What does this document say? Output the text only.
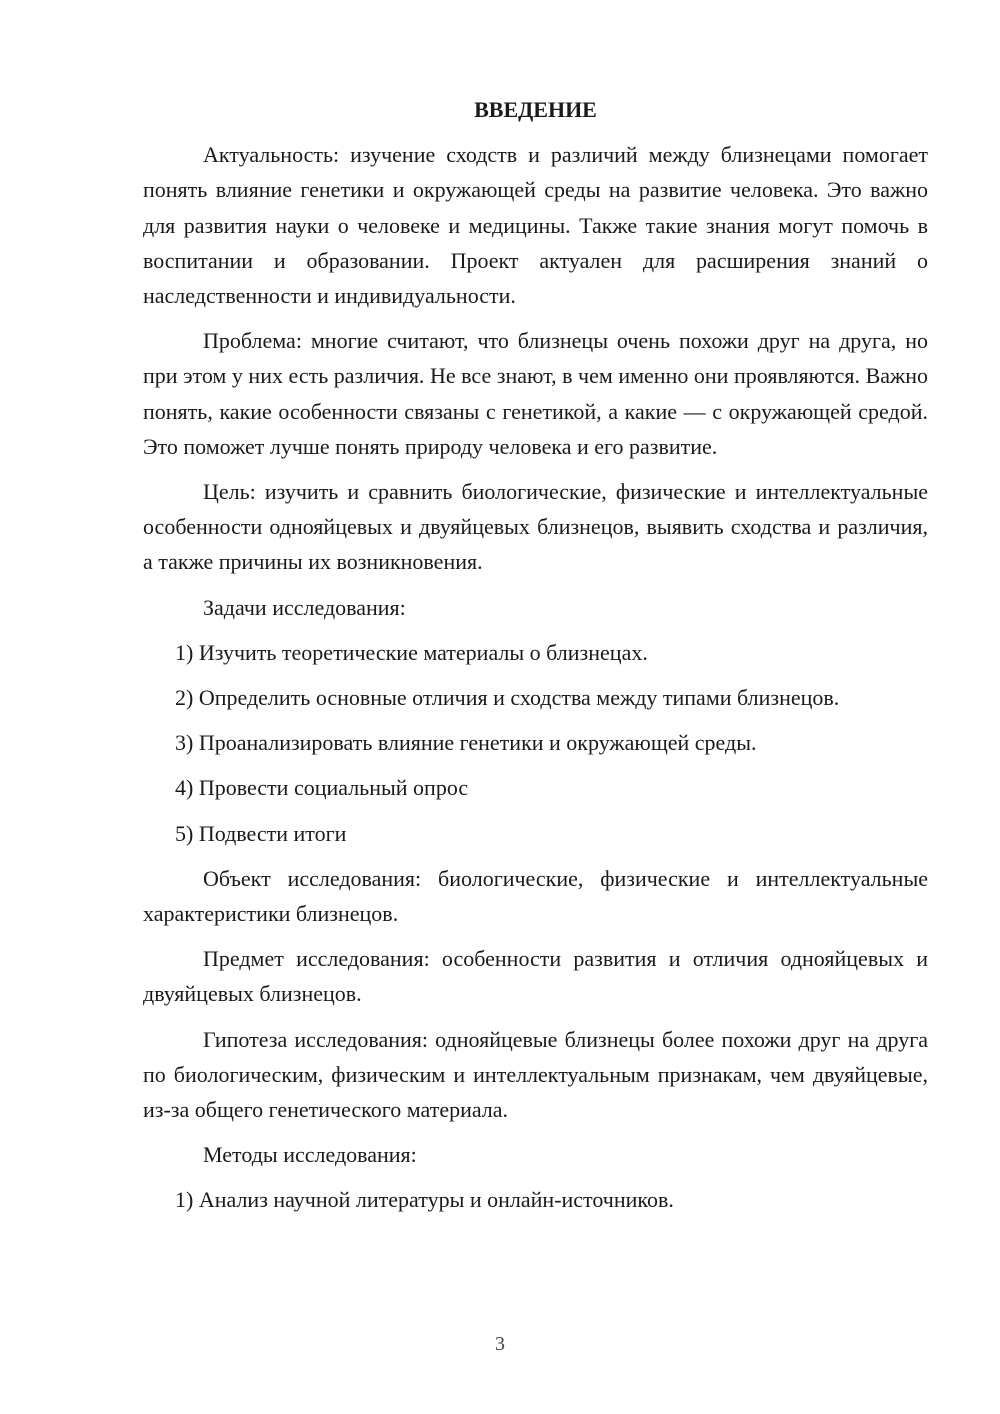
ВВЕДЕНИЕ

Актуальность: изучение сходств и различий между близнецами помогает понять влияние генетики и окружающей среды на развитие человека. Это важно для развития науки о человеке и медицины. Также такие знания могут помочь в воспитании и образовании. Проект актуален для расширения знаний о наследственности и индивидуальности.

Проблема: многие считают, что близнецы очень похожи друг на друга, но при этом у них есть различия. Не все знают, в чем именно они проявляются. Важно понять, какие особенности связаны с генетикой, а какие — с окружающей средой. Это поможет лучше понять природу человека и его развитие.

Цель: изучить и сравнить биологические, физические и интеллектуальные особенности однояйцевых и двуяйцевых близнецов, выявить сходства и различия, а также причины их возникновения.

Задачи исследования:

1) Изучить теоретические материалы о близнецах.

2) Определить основные отличия и сходства между типами близнецов.

3) Проанализировать влияние генетики и окружающей среды.

4) Провести социальный опрос

5) Подвести итоги

Объект исследования: биологические, физические и интеллектуальные характеристики близнецов.

Предмет исследования: особенности развития и отличия однояйцевых и двуяйцевых близнецов.

Гипотеза исследования: однояйцевые близнецы более похожи друг на друга по биологическим, физическим и интеллектуальным признакам, чем двуяйцевые, из-за общего генетического материала.

Методы исследования:

1) Анализ научной литературы и онлайн-источников.

3
